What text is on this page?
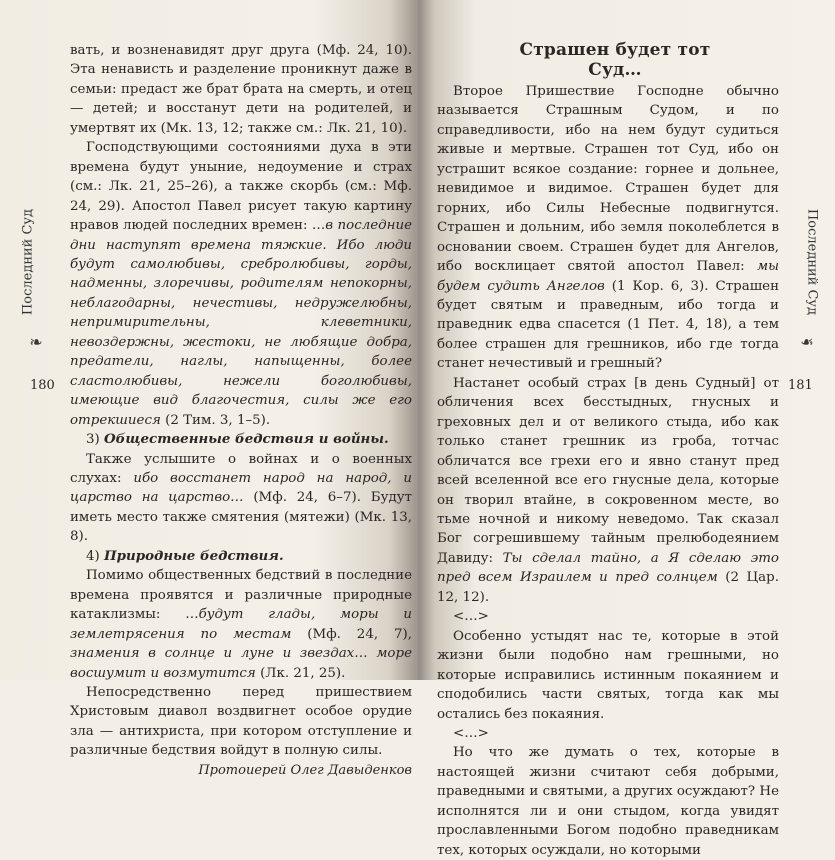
Последний Суд
❧
180

вать, и возненавидят друг друга (Мф. 24, 10). Эта ненависть и разделение проникнут даже в семьи: предаст же брат брата на смерть, и отец — детей; и восстанут дети на родителей, и умертвят их (Мк. 13, 12; также см.: Лк. 21, 10).

Господствующими состояниями духа в эти времена будут уныние, недоумение и страх (см.: Лк. 21, 25–26), а также скорбь (см.: Мф. 24, 29). Апостол Павел рисует такую картину нравов людей последних времен: …в последние дни наступят времена тяжкие. Ибо люди будут самолюбивы, сребролюбивы, горды, надменны, злоречивы, родителям непокорны, неблагодарны, нечестивы, недружелюбны, непримирительны, клеветники, невоздержны, жестоки, не любящие добра, предатели, наглы, напыщенны, более сластолюбивы, нежели боголюбивы, имеющие вид благочестия, силы же его отрекшиеся (2 Тим. 3, 1–5).

3) Общественные бедствия и войны.

Также услышите о войнах и о военных слухах: ибо восстанет народ на народ, и царство на царство… (Мф. 24, 6–7). Будут иметь место также смятения (мятежи) (Мк. 13, 8).

4) Природные бедствия.

Помимо общественных бедствий в последние времена проявятся и различные природные катаклизмы: …будут глады, моры и землетрясения по местам (Мф. 24, 7), знамения в солнце и луне и звездах… море восшумит и возмутится (Лк. 21, 25).

Непосредственно перед пришествием Христовым диавол воздвигнет особое орудие зла — антихриста, при котором отступление и различные бедствия войдут в полную силы.

Протоиерей Олег Давыденков

Страшен будет тот Суд…
Последний Суд
❧
181

Второе Пришествие Господне обычно называется Страшным Судом, и по справедливости, ибо на нем будут судиться живые и мертвые. Страшен тот Суд, ибо он устрашит всякое создание: горнее и дольнее, невидимое и видимое. Страшен будет для горних, ибо Силы Небесные подвигнутся. Страшен и дольним, ибо земля поколеблется в основании своем. Страшен будет для Ангелов, ибо восклицает святой апостол Павел: мы будем судить Ангелов (1 Кор. 6, 3). Страшен будет святым и праведным, ибо тогда и праведник едва спасется (1 Пет. 4, 18), а тем более страшен для грешников, ибо где тогда станет нечестивый и грешный?

Настанет особый страх [в день Судный] от обличения всех бесстыдных, гнусных и греховных дел и от великого стыда, ибо как только станет грешник из гроба, тотчас обличатся все грехи его и явно станут пред всей вселенной все его гнусные дела, которые он творил втайне, в сокровенном месте, во тьме ночной и никому неведомо. Так сказал Бог согрешившему тайным прелюбодеянием Давиду: Ты сделал тайно, а Я сделаю это пред всем Израилем и пред солнцем (2 Цар. 12, 12).

<…>

Особенно устыдят нас те, которые в этой жизни были подобно нам грешными, но которые исправились истинным покаянием и сподобились части святых, тогда как мы остались без покаяния.

<…>

Но что же думать о тех, которые в настоящей жизни считают себя добрыми, праведными и святыми, а других осуждают? Не исполнятся ли и они стыдом, когда увидят прославленными Богом подобно праведникам тех, которых осуждали, но которыми
